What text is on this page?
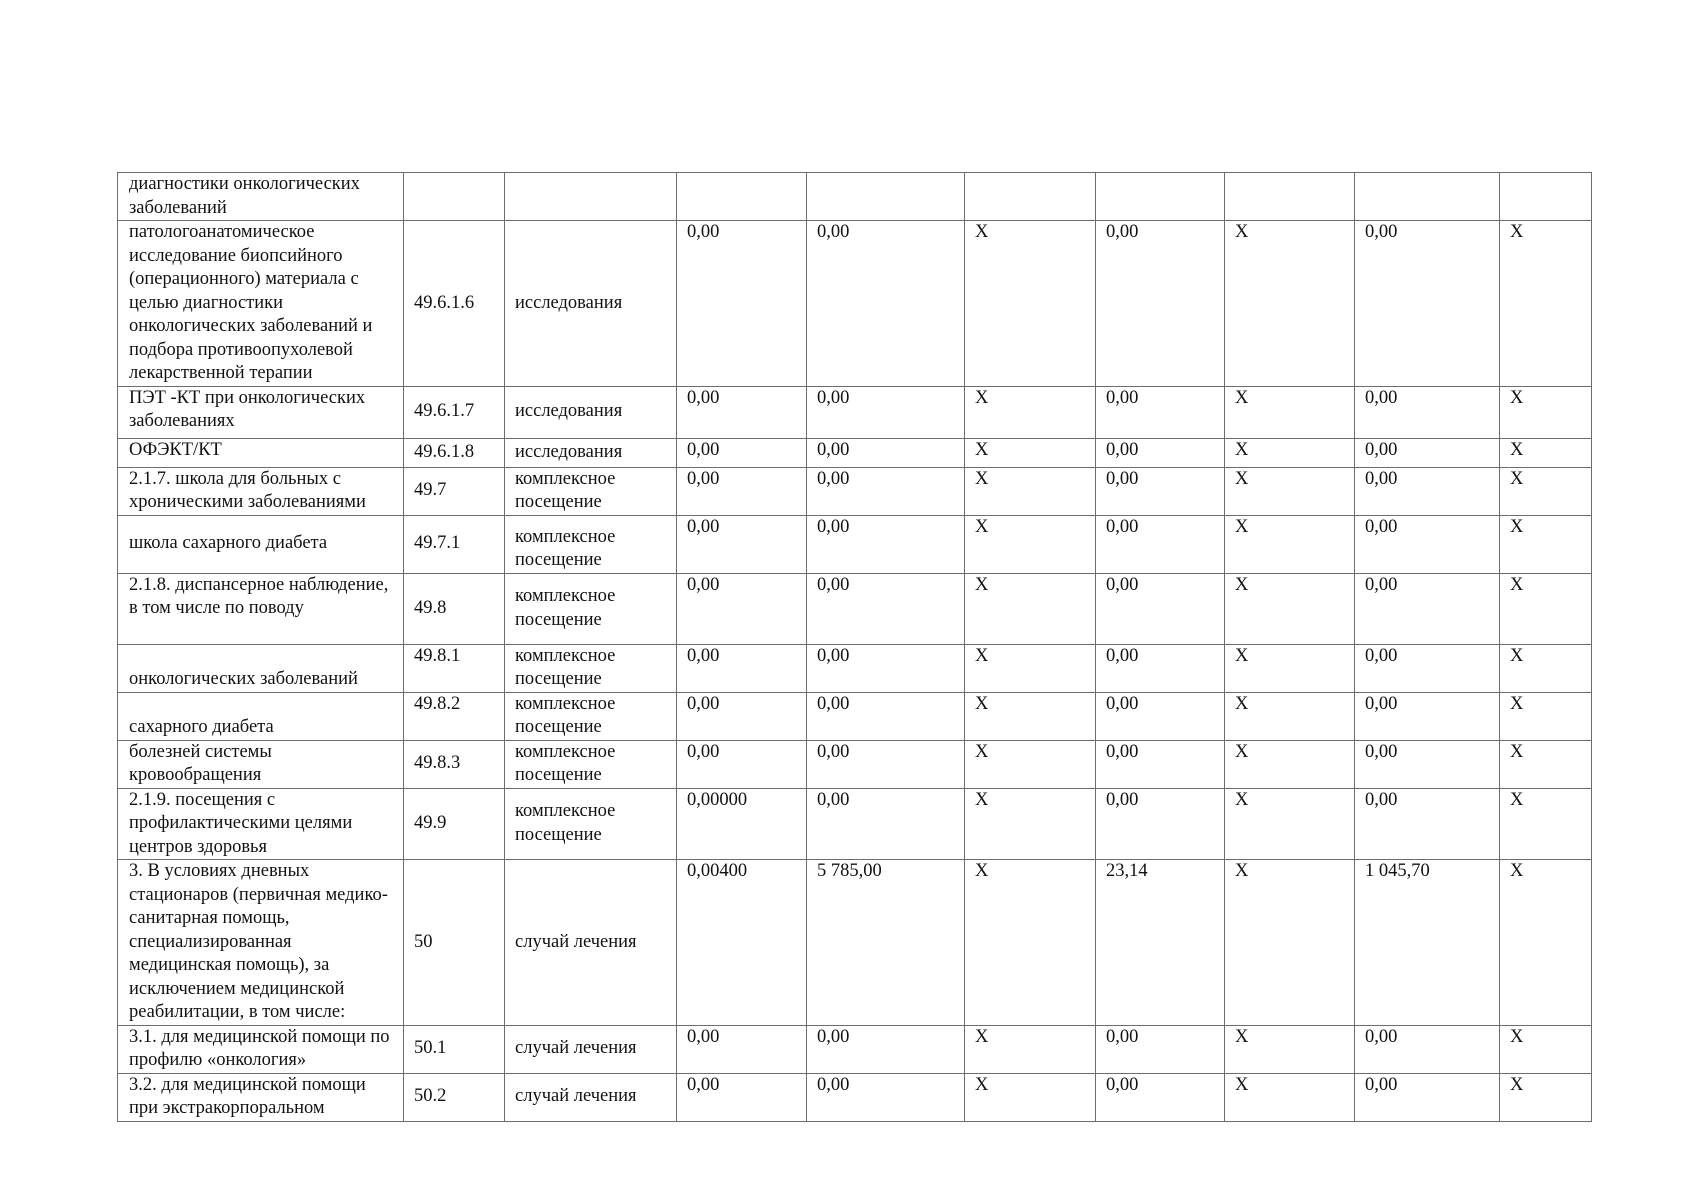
диагностики онкологических заболеваний									
патологоанатомическое исследование биопсийного (операционного) материала с целью диагностики онкологических заболеваний и подбора противоопухолевой лекарственной терапии	49.6.1.6	исследования	0,00	0,00	X	0,00	X	0,00	X
ПЭТ -КТ при онкологических заболеваниях	49.6.1.7	исследования	0,00	0,00	X	0,00	X	0,00	X
ОФЭКТ/КТ	49.6.1.8	исследования	0,00	0,00	X	0,00	X	0,00	X
2.1.7. школа для больных с хроническими заболеваниями	49.7	комплексное посещение	0,00	0,00	X	0,00	X	0,00	X
школа сахарного диабета	49.7.1	комплексное посещение	0,00	0,00	X	0,00	X	0,00	X
2.1.8. диспансерное наблюдение, в том числе по поводу	49.8	комплексное посещение	0,00	0,00	X	0,00	X	0,00	X
онкологических заболеваний	49.8.1	комплексное посещение	0,00	0,00	X	0,00	X	0,00	X
сахарного диабета	49.8.2	комплексное посещение	0,00	0,00	X	0,00	X	0,00	X
болезней системы кровообращения	49.8.3	комплексное посещение	0,00	0,00	X	0,00	X	0,00	X
2.1.9. посещения с профилактическими целями центров здоровья	49.9	комплексное посещение	0,00000	0,00	X	0,00	X	0,00	X
3. В условиях дневных стационаров (первичная медико-санитарная помощь, специализированная медицинская помощь), за исключением медицинской реабилитации, в том числе:	50	случай лечения	0,00400	5 785,00	X	23,14	X	1 045,70	X
3.1. для медицинской помощи по профилю «онкология»	50.1	случай лечения	0,00	0,00	X	0,00	X	0,00	X
3.2. для медицинской помощи при экстракорпоральном	50.2	случай лечения	0,00	0,00	X	0,00	X	0,00	X
